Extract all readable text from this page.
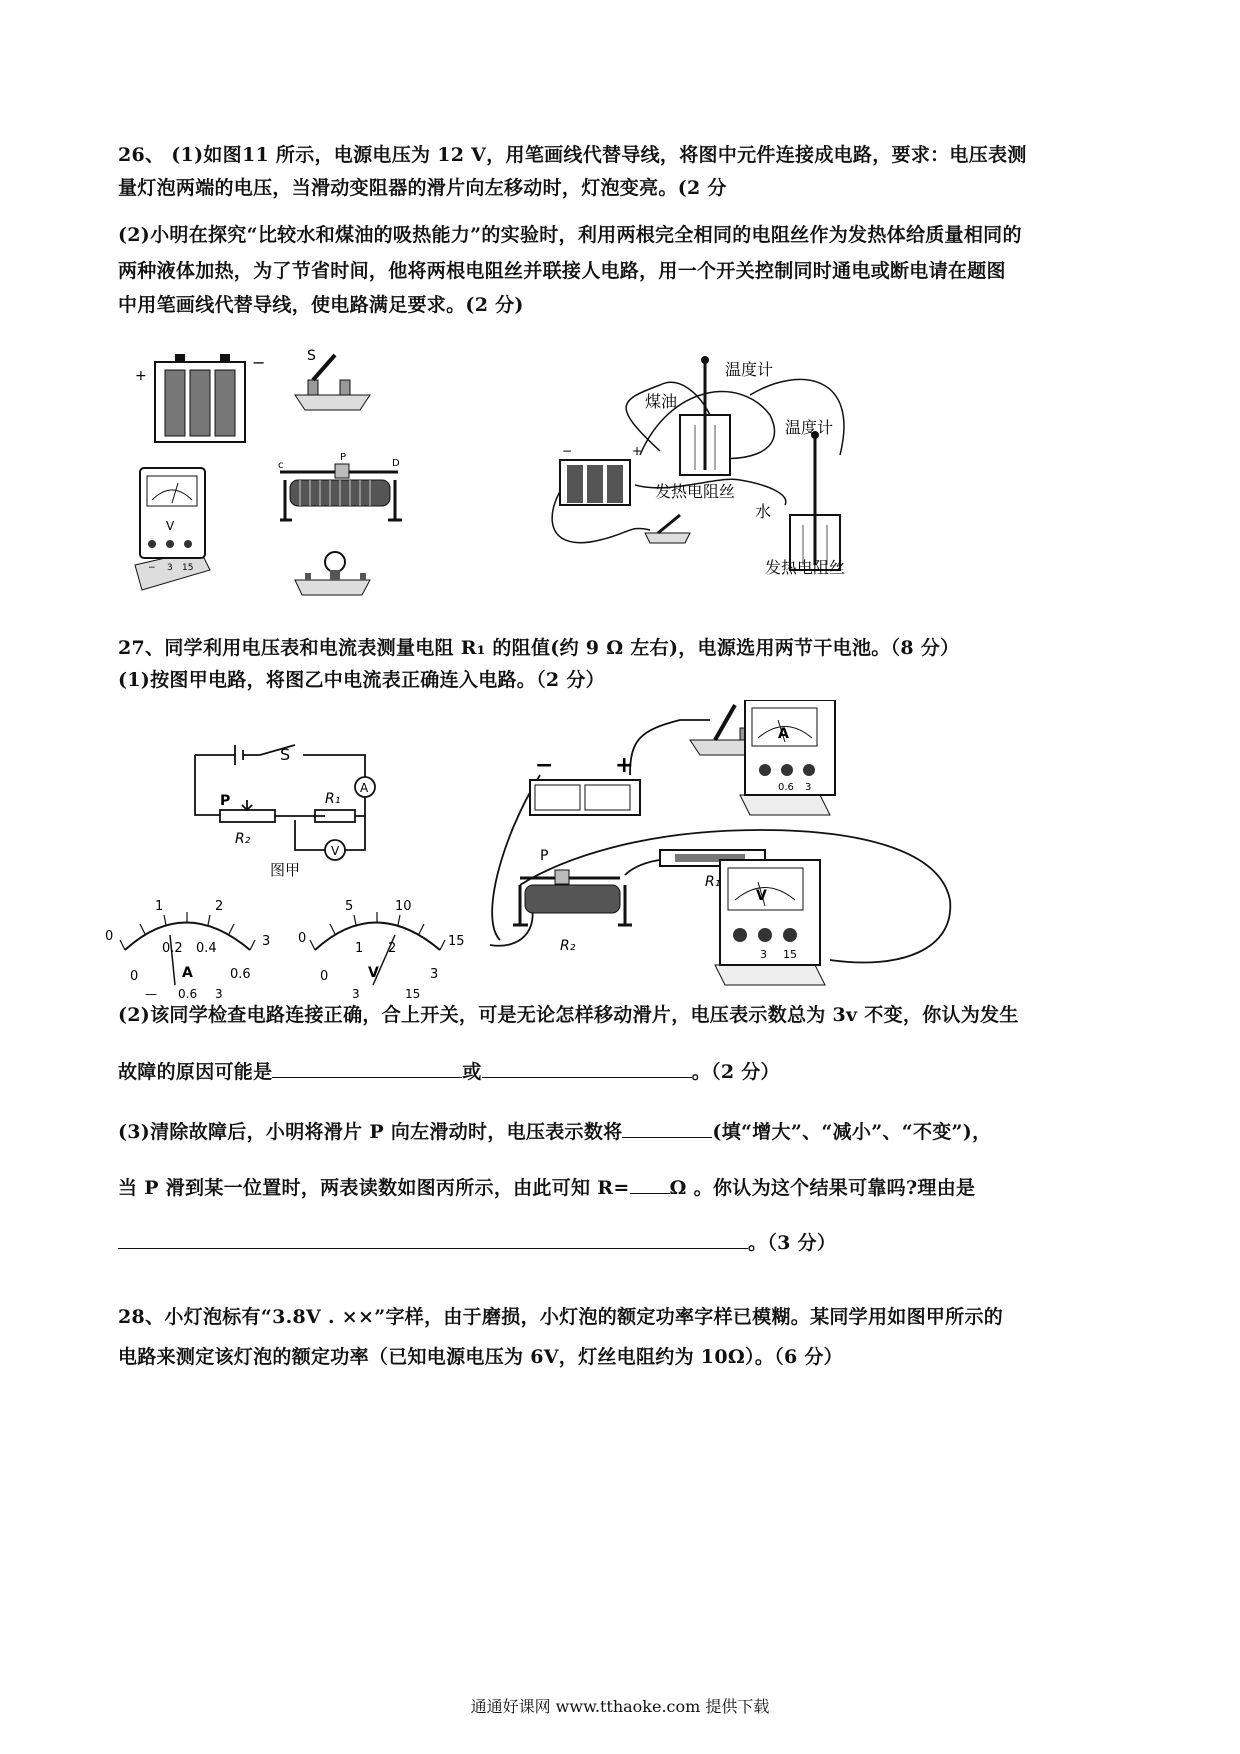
26、 (1)如图11 所示，电源电压为 12 V，用笔画线代替导线，将图中元件连接成电路，要求：电压表测
量灯泡两端的电压，当滑动变阻器的滑片向左移动时，灯泡变亮。(2 分
(2)小明在探究“比较水和煤油的吸热能力”的实验时，利用两根完全相同的电阻丝作为发热体给质量相同的
两种液体加热，为了节省时间，他将两根电阻丝并联接人电路，用一个开关控制同时通电或断电请在题图
中用笔画线代替导线，使电路满足要求。(2 分)
+
−	S
c
P
D
V
− 3 15
温度计
煤油
发热电阻丝
温度计
水
发热电阻丝
−	+
27、同学利用电压表和电流表测量电阻 R₁ 的阻值(约 9 Ω 左右)，电源选用两节干电池。（8 分）
(1)按图甲电路，将图乙中电流表正确连入电路。（2 分）
S
P	R₁
R₂
A
V
图甲
0
1	2
3
0
0.2 0.4
0.6
A
— 0.6 3
0
5	10
15
0
1 2
3
V
3	15
−	+
A
0.6 3
R₁
P
R₂
V
3 15
(2)该同学检查电路连接正确，合上开关，可是无论怎样移动滑片，电压表示数总为 3v 不变，你认为发生
故障的原因可能是	或	。（2 分）
(3)清除故障后，小明将滑片 P 向左滑动时，电压表示数将	(填“增大”、“减小”、“不变”)，
当 P 滑到某一位置时，两表读数如图丙所示，由此可知 R= Ω 。你认为这个结果可靠吗?理由是
。（3 分）
28、小灯泡标有“3.8V . ××”字样，由于磨损，小灯泡的额定功率字样已模糊。某同学用如图甲所示的
电路来测定该灯泡的额定功率（已知电源电压为 6V，灯丝电阻约为 10Ω）。（6 分）
通通好课网 www.tthaoke.com 提供下载
